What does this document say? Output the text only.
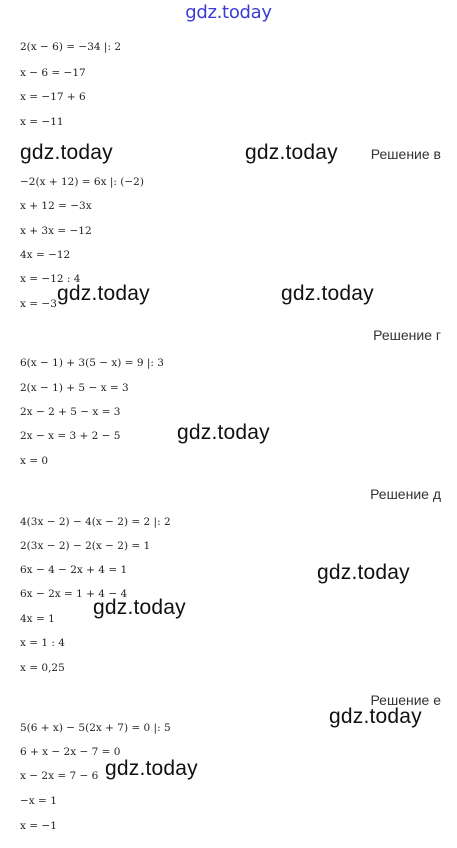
gdz.today
2(x − 6) = −34 |: 2
x − 6 = −17
x = −17 + 6
x = −11
gdz.today	gdz.today Решение в
−2(x + 12) = 6x |: (−2)
x + 12 = −3x
x + 3x = −12
4x = −12
x = −12 : 4
x = −3 gdz.today	gdz.today
Решение г
6(x − 1) + 3(5 − x) = 9 |: 3
2(x − 1) + 5 − x = 3
2x − 2 + 5 − x = 3
2x − x = 3 + 2 − 5
x = 0
gdz.today
Решение д
4(3x − 2) − 4(x − 2) = 2 |: 2
2(3x − 2) − 2(x − 2) = 1
6x − 4 − 2x + 4 = 1
6x − 2x = 1 + 4 − 4
4x = 1
x = 1 : 4
x = 0,25
gdz.today
gdz.today
Решение е
gdz.today
5(6 + x) − 5(2x + 7) = 0 |: 5
6 + x − 2x − 7 = 0
x − 2x = 7 − 6
−x = 1
x = −1
gdz.today
